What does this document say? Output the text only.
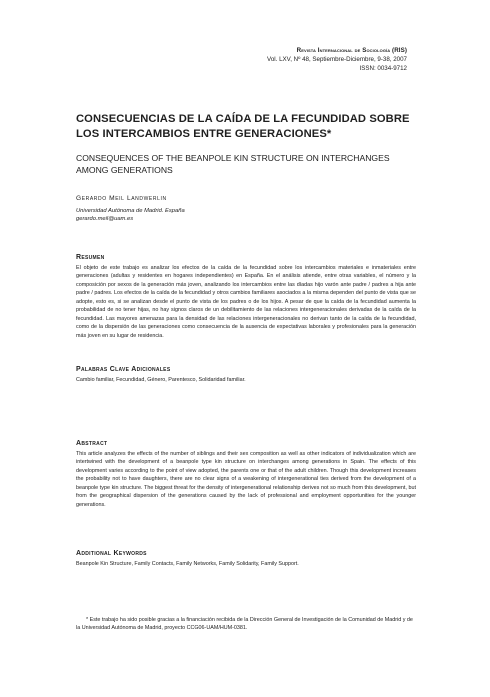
Revista Internacional de Sociología (RIS)
Vol. LXV, Nº 48, Septiembre-Diciembre, 9-38, 2007
ISSN: 0034-9712
CONSECUENCIAS DE LA CAÍDA DE LA FECUNDIDAD SOBRE LOS INTERCAMBIOS ENTRE GENERACIONES*
CONSEQUENCES OF THE BEANPOLE KIN STRUCTURE ON INTERCHANGES AMONG GENERATIONS
Gerardo Meil Landwerlin
Universidad Autónoma de Madrid. España
gerardo.meil@uam.es
Resumen
El objeto de este trabajo es analizar los efectos de la caída de la fecundidad sobre los intercambios materiales e inmateriales entre generaciones (adultas y residentes en hogares independientes) en España. En el análisis atiende, entre otras variables, el número y la composición por sexos de la generación más joven, analizando los intercambios entre las díadas hijo varón ante padre / padres a hija ante padre / padres. Los efectos de la caída de la fecundidad y otros cambios familiares asociados a la misma dependen del punto de vista que se adopte, esto es, si se analizan desde el punto de vista de los padres o de los hijos. A pesar de que la caída de la fecundidad aumenta la probabilidad de no tener hijas, no hay signos claros de un debilitamiento de las relaciones intergeneracionales derivadas de la caída de la fecundidad. Las mayores amenazas para la densidad de las relaciones intergeneracionales no derivan tanto de la caída de la fecundidad, como de la dispersión de las generaciones como consecuencia de la ausencia de expectativas laborales y profesionales para la generación más joven en su lugar de residencia.
Palabras Clave Adicionales
Cambio familiar, Fecundidad, Género, Parentesco, Solidaridad familiar.
Abstract
This article analyzes the effects of the number of siblings and their sex composition as well as other indicators of individualization which are intertwined with the development of a beanpole type kin structure on interchanges among generations in Spain. The effects of this development varies according to the point of view adopted, the parents one or that of the adult children. Though this development increases the probability not to have daughters, there are no clear signs of a weakening of intergenerational ties derived from the development of a beanpole type kin structure. The biggest threat for the density of intergenerational relationship derives not so much from this development, but from the geographical dispersion of the generations caused by the lack of professional and employment opportunities for the younger generations.
Additional Keywords
Beanpole Kin Structure, Family Contacts, Family Networks, Family Solidarity, Family Support.
* Este trabajo ha sido posible gracias a la financiación recibida de la Dirección General de Investigación de la Comunidad de Madrid y de la Universidad Autónoma de Madrid, proyecto CCG06-UAM/HUM-0381.
